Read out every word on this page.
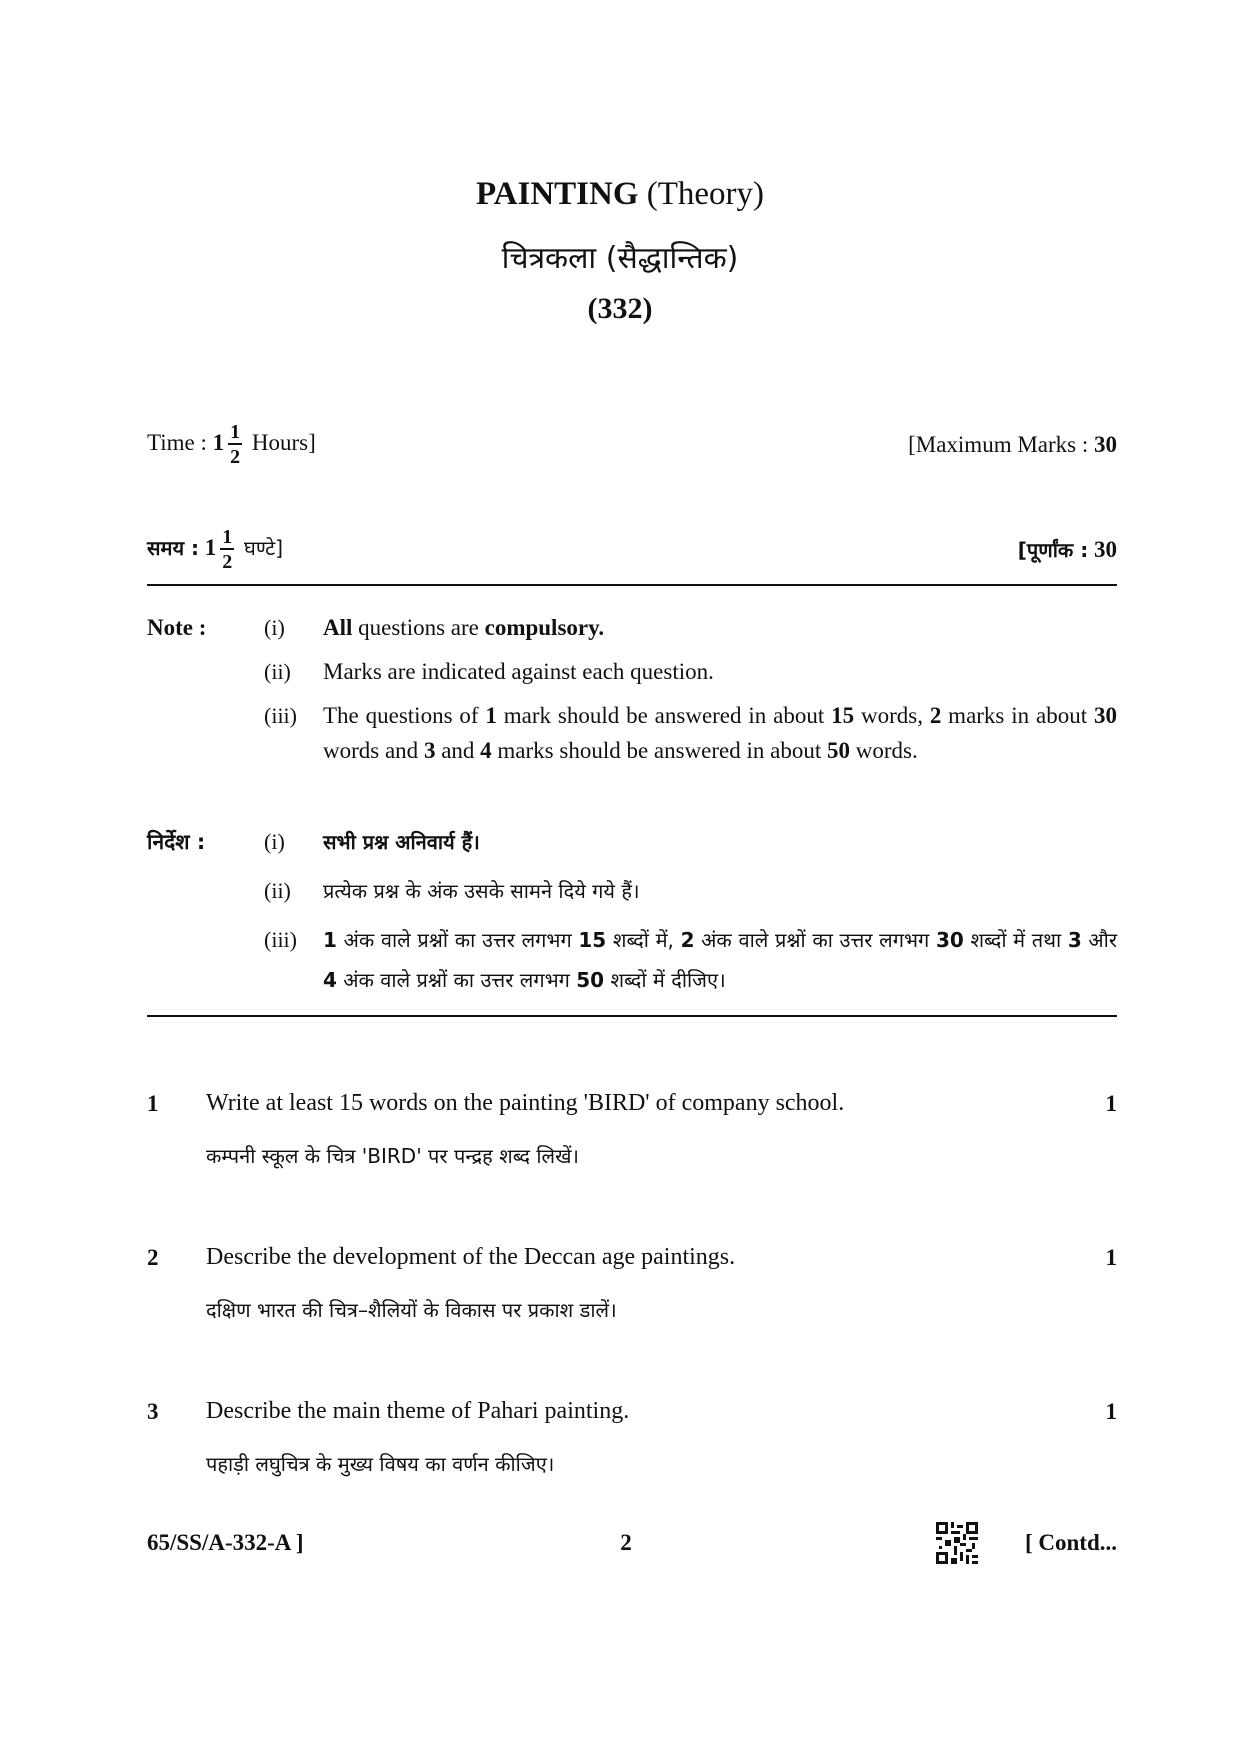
PAINTING (Theory)
चित्रकला (सैद्धान्तिक)
(332)
Time : $1 \frac{1}{2}$ Hours]	[Maximum Marks : 30
समय : $1 \frac{1}{2}$ घण्टे]	[पूर्णांक : 30
Note :	(i) All questions are compulsory.
(ii) Marks are indicated against each question.
(iii) The questions of 1 mark should be answered in about 15 words, 2 marks in about 30 words and 3 and 4 marks should be answered in about 50 words.
निर्देश :	(i) सभी प्रश्न अनिवार्य हैं।
(ii) प्रत्येक प्रश्न के अंक उसके सामने दिये गये हैं।
(iii) 1 अंक वाले प्रश्नों का उत्तर लगभग 15 शब्दों में, 2 अंक वाले प्रश्नों का उत्तर लगभग 30 शब्दों में तथा 3 और 4 अंक वाले प्रश्नों का उत्तर लगभग 50 शब्दों में दीजिए।
1 Write at least 15 words on the painting 'BIRD' of company school.	1
कम्पनी स्कूल के चित्र 'BIRD' पर पन्द्रह शब्द लिखें।
2 Describe the development of the Deccan age paintings.	1
दक्षिण भारत की चित्र–शैलियों के विकास पर प्रकाश डालें।
3 Describe the main theme of Pahari painting.	1
पहाड़ी लघुचित्र के मुख्य विषय का वर्णन कीजिए।
65/SS/A-332-A ]	2	[ Contd...
